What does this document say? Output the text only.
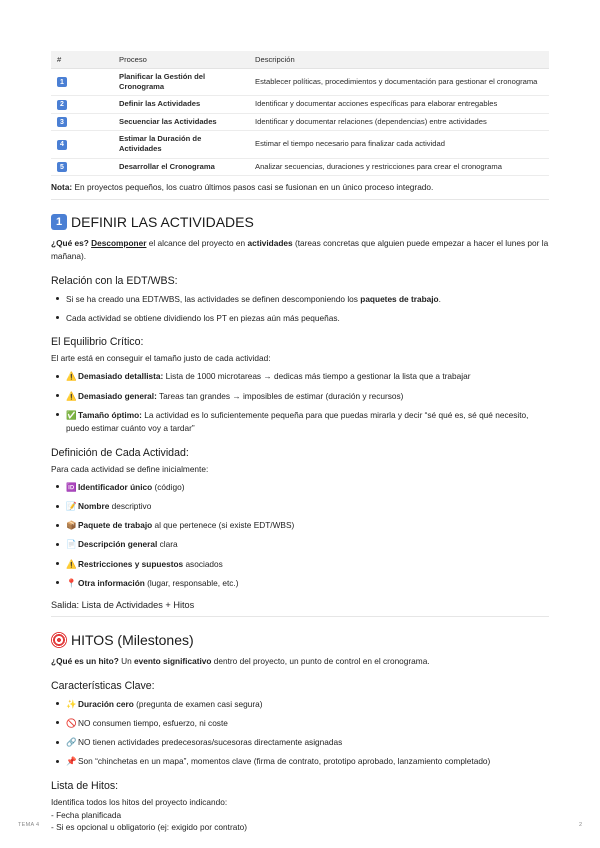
#	Proceso	Descripción
1	Planificar la Gestión del Cronograma	Establecer políticas, procedimientos y documentación para gestionar el cronograma
2	Definir las Actividades	Identificar y documentar acciones específicas para elaborar entregables
3	Secuenciar las Actividades	Identificar y documentar relaciones (dependencias) entre actividades
4	Estimar la Duración de Actividades	Estimar el tiempo necesario para finalizar cada actividad
5	Desarrollar el Cronograma	Analizar secuencias, duraciones y restricciones para crear el cronograma
Nota: En proyectos pequeños, los cuatro últimos pasos casi se fusionan en un único proceso integrado.
1 DEFINIR LAS ACTIVIDADES

¿Qué es? Descomponer el alcance del proyecto en actividades (tareas concretas que alguien puede empezar a hacer el lunes por la mañana).

Relación con la EDT/WBS:
Si se ha creado una EDT/WBS, las actividades se definen descomponiendo los paquetes de trabajo.
Cada actividad se obtiene dividiendo los PT en piezas aún más pequeñas.
El Equilibrio Crítico:

El arte está en conseguir el tamaño justo de cada actividad:

⚠️Demasiado detallista: Lista de 1000 microtareas → dedicas más tiempo a gestionar la lista que a trabajar
⚠️Demasiado general: Tareas tan grandes → imposibles de estimar (duración y recursos)
✅Tamaño óptimo: La actividad es lo suficientemente pequeña para que puedas mirarla y decir “sé qué es, sé qué necesito, puedo estimar cuánto voy a tardar”
Definición de Cada Actividad:

Para cada actividad se define inicialmente:

🆔Identificador único (código)
📝Nombre descriptivo
📦Paquete de trabajo al que pertenece (si existe EDT/WBS)
📄Descripción general clara
⚠️Restricciones y supuestos asociados
📍Otra información (lugar, responsable, etc.)
Salida: Lista de Actividades + Hitos
HITOS (Milestones)

¿Qué es un hito? Un evento significativo dentro del proyecto, un punto de control en el cronograma.

Características Clave:
✨Duración cero (pregunta de examen casi segura)
🚫NO consumen tiempo, esfuerzo, ni coste
🔗NO tienen actividades predecesoras/sucesoras directamente asignadas
📌Son “chinchetas en un mapa”, momentos clave (firma de contrato, prototipo aprobado, lanzamiento completado)
Lista de Hitos:

Identifica todos los hitos del proyecto indicando:

- Fecha planificada

- Si es opcional u obligatorio (ej: exigido por contrato)

TEMA 4	2
